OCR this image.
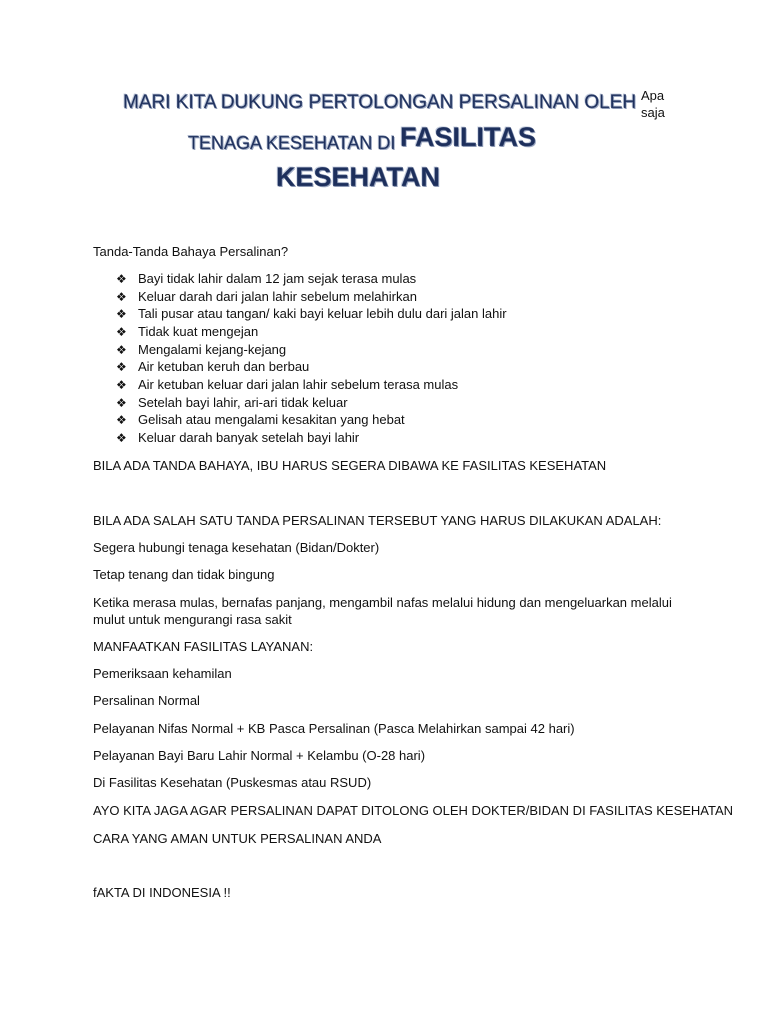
MARI KITA DUKUNG PERTOLONGAN PERSALINAN OLEH
TENAGA KESEHATAN DI FASILITAS
KESEHATAN
Apa
saja
Tanda-Tanda Bahaya Persalinan?
❖ Bayi tidak lahir dalam 12 jam sejak terasa mulas
❖ Keluar darah dari jalan lahir sebelum melahirkan
❖ Tali pusar atau tangan/ kaki bayi keluar lebih dulu dari jalan lahir
❖ Tidak kuat mengejan
❖ Mengalami kejang-kejang
❖ Air ketuban keruh dan berbau
❖ Air ketuban keluar dari jalan lahir sebelum terasa mulas
❖ Setelah bayi lahir, ari-ari tidak keluar
❖ Gelisah atau mengalami kesakitan yang hebat
❖ Keluar darah banyak setelah bayi lahir
BILA ADA TANDA BAHAYA, IBU HARUS SEGERA DIBAWA KE FASILITAS KESEHATAN
BILA ADA SALAH SATU TANDA PERSALINAN TERSEBUT YANG HARUS DILAKUKAN ADALAH:
Segera hubungi tenaga kesehatan (Bidan/Dokter)
Tetap tenang dan tidak bingung
Ketika merasa mulas, bernafas panjang, mengambil nafas melalui hidung dan mengeluarkan melalui
mulut untuk mengurangi rasa sakit
MANFAATKAN FASILITAS LAYANAN:
Pemeriksaan kehamilan
Persalinan Normal
Pelayanan Nifas Normal + KB Pasca Persalinan (Pasca Melahirkan sampai 42 hari)
Pelayanan Bayi Baru Lahir Normal + Kelambu (O-28 hari)
Di Fasilitas Kesehatan (Puskesmas atau RSUD)
AYO KITA JAGA AGAR PERSALINAN DAPAT DITOLONG OLEH DOKTER/BIDAN DI FASILITAS KESEHATAN
CARA YANG AMAN UNTUK PERSALINAN ANDA
fAKTA DI INDONESIA !!
